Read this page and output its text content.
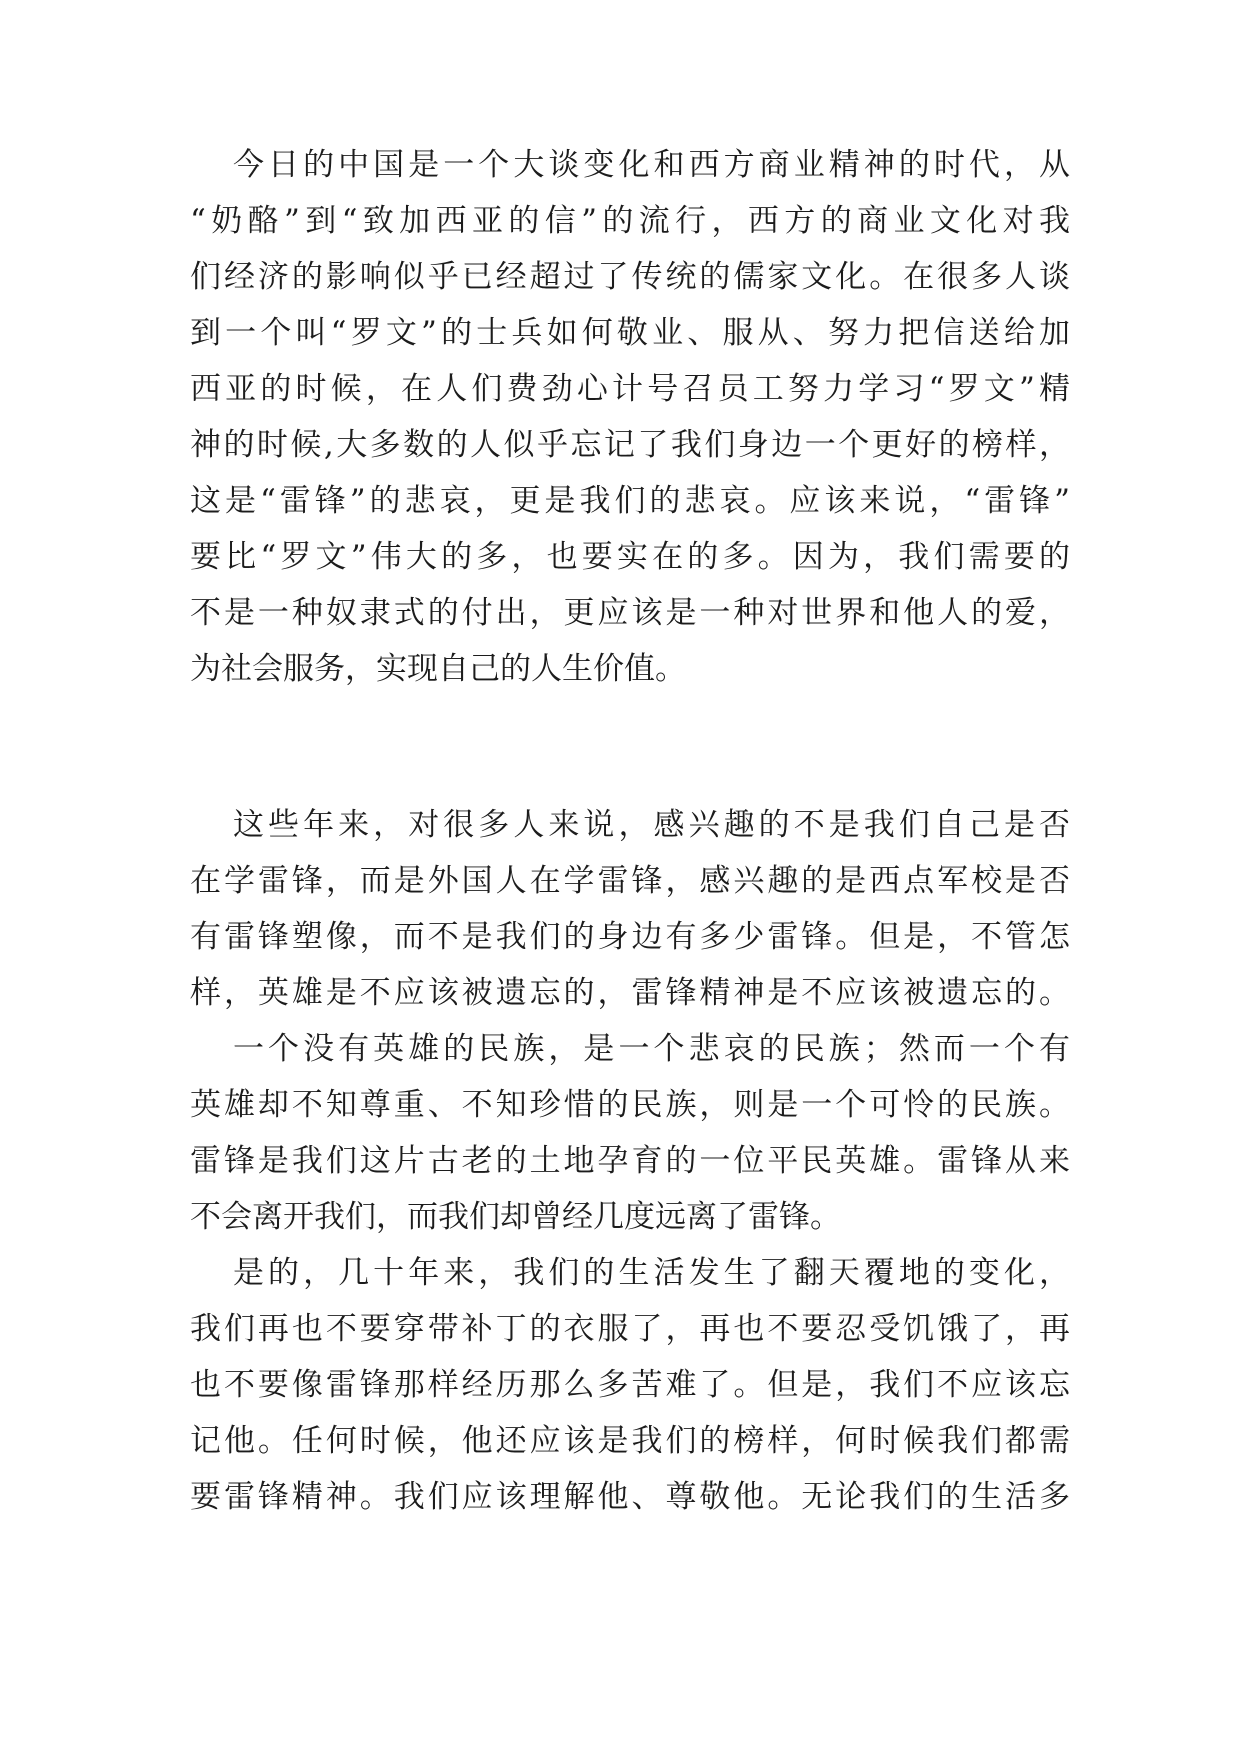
今日的中国是一个大谈变化和西方商业精神的时代，从
“奶酪”到“致加西亚的信”的流行，西方的商业文化对我
们经济的影响似乎已经超过了传统的儒家文化。在很多人谈
到一个叫“罗文”的士兵如何敬业、服从、努力把信送给加
西亚的时候，在人们费劲心计号召员工努力学习“罗文”精
神的时候,大多数的人似乎忘记了我们身边一个更好的榜样，
这是“雷锋”的悲哀，更是我们的悲哀。应该来说，“雷锋”
要比“罗文”伟大的多，也要实在的多。因为，我们需要的
不是一种奴隶式的付出，更应该是一种对世界和他人的爱，
为社会服务，实现自己的人生价值。
这些年来，对很多人来说，感兴趣的不是我们自己是否
在学雷锋，而是外国人在学雷锋，感兴趣的是西点军校是否
有雷锋塑像，而不是我们的身边有多少雷锋。但是，不管怎
样，英雄是不应该被遗忘的，雷锋精神是不应该被遗忘的。
一个没有英雄的民族，是一个悲哀的民族；然而一个有
英雄却不知尊重、不知珍惜的民族，则是一个可怜的民族。
雷锋是我们这片古老的土地孕育的一位平民英雄。雷锋从来
不会离开我们，而我们却曾经几度远离了雷锋。
是的，几十年来，我们的生活发生了翻天覆地的变化，
我们再也不要穿带补丁的衣服了，再也不要忍受饥饿了，再
也不要像雷锋那样经历那么多苦难了。但是，我们不应该忘
记他。任何时候，他还应该是我们的榜样，何时候我们都需
要雷锋精神。我们应该理解他、尊敬他。无论我们的生活多
